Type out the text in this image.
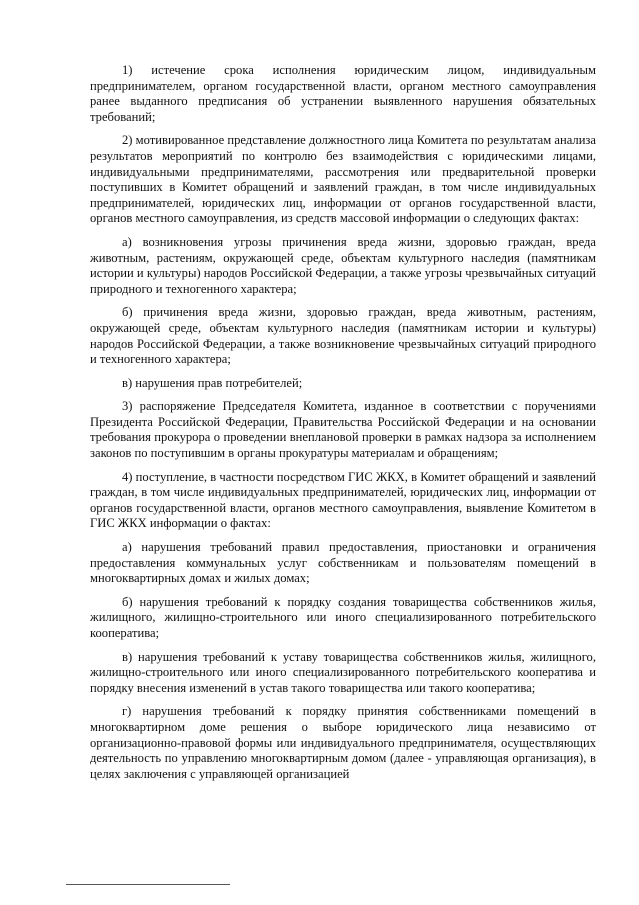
1) истечение срока исполнения юридическим лицом, индивидуальным предпринимателем, органом государственной власти, органом местного самоуправления ранее выданного предписания об устранении выявленного нарушения обязательных требований;

2) мотивированное представление должностного лица Комитета по результатам анализа результатов мероприятий по контролю без взаимодействия с юридическими лицами, индивидуальными предпринимателями, рассмотрения или предварительной проверки поступивших в Комитет обращений и заявлений граждан, в том числе индивидуальных предпринимателей, юридических лиц, информации от органов государственной власти, органов местного самоуправления, из средств массовой информации о следующих фактах:

а) возникновения угрозы причинения вреда жизни, здоровью граждан, вреда животным, растениям, окружающей среде, объектам культурного наследия (памятникам истории и культуры) народов Российской Федерации, а также угрозы чрезвычайных ситуаций природного и техногенного характера;

б) причинения вреда жизни, здоровью граждан, вреда животным, растениям, окружающей среде, объектам культурного наследия (памятникам истории и культуры) народов Российской Федерации, а также возникновение чрезвычайных ситуаций природного и техногенного характера;

в) нарушения прав потребителей;

3) распоряжение Председателя Комитета, изданное в соответствии с поручениями Президента Российской Федерации, Правительства Российской Федерации и на основании требования прокурора о проведении внеплановой проверки в рамках надзора за исполнением законов по поступившим в органы прокуратуры материалам и обращениям;

4) поступление, в частности посредством ГИС ЖКХ, в Комитет обращений и заявлений граждан, в том числе индивидуальных предпринимателей, юридических лиц, информации от органов государственной власти, органов местного самоуправления, выявление Комитетом в ГИС ЖКХ информации о фактах:

а) нарушения требований правил предоставления, приостановки и ограничения предоставления коммунальных услуг собственникам и пользователям помещений в многоквартирных домах и жилых домах;

б) нарушения требований к порядку создания товарищества собственников жилья, жилищного, жилищно-строительного или иного специализированного потребительского кооператива;

в) нарушения требований к уставу товарищества собственников жилья, жилищного, жилищно-строительного или иного специализированного потребительского кооператива и порядку внесения изменений в устав такого товарищества или такого кооператива;

г) нарушения требований к порядку принятия собственниками помещений в многоквартирном доме решения о выборе юридического лица независимо от организационно-правовой формы или индивидуального предпринимателя, осуществляющих деятельность по управлению многоквартирным домом (далее - управляющая организация), в целях заключения с управляющей организацией
